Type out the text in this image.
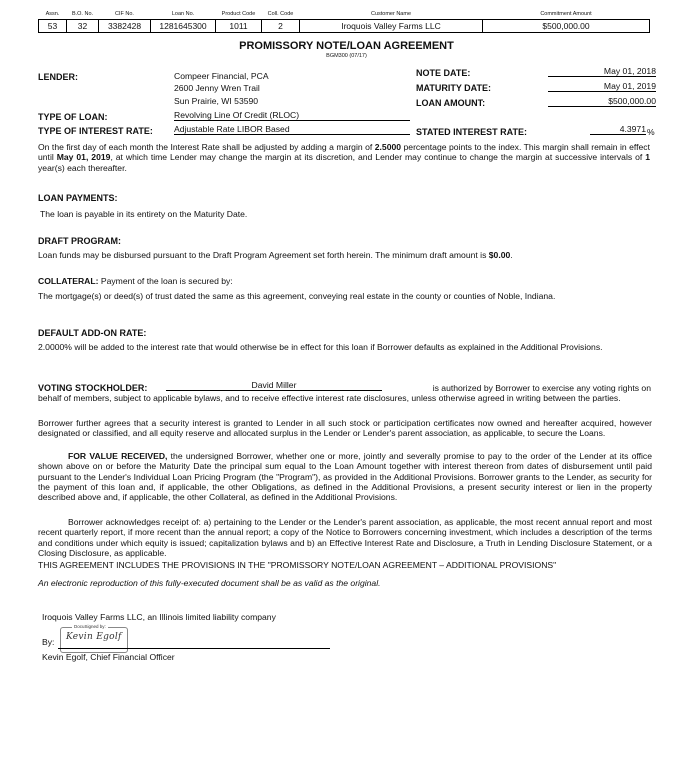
Assn.	B.O. No.	CIF No.	Loan No.	Product Code	Coll. Code	Customer Name	Commitment Amount
53	32	3382428	1281645300	1011	2	Iroquois Valley Farms LLC	$500,000.00
PROMISSORY NOTE/LOAN AGREEMENT
BGM300 (07/17)
LENDER:	Compeer Financial, PCA
2600 Jenny Wren Trail
Sun Prairie, WI 53590
NOTE DATE:	May 01, 2018
MATURITY DATE:	May 01, 2019
LOAN AMOUNT:	$500,000.00
TYPE OF LOAN:	Revolving Line Of Credit (RLOC)
TYPE OF INTEREST RATE: Adjustable Rate LIBOR Based	STATED INTEREST RATE:	4.3971 %
On the first day of each month the Interest Rate shall be adjusted by adding a margin of 2.5000 percentage points to the index. This margin shall remain in effect until May 01, 2019, at which time Lender may change the margin at its discretion, and Lender may continue to change the margin at successive intervals of 1 year(s) each thereafter.
LOAN PAYMENTS:
The loan is payable in its entirety on the Maturity Date.
DRAFT PROGRAM:
Loan funds may be disbursed pursuant to the Draft Program Agreement set forth herein. The minimum draft amount is $0.00.
COLLATERAL: Payment of the loan is secured by:
The mortgage(s) or deed(s) of trust dated the same as this agreement, conveying real estate in the county or counties of Noble, Indiana.
DEFAULT ADD-ON RATE:
2.0000% will be added to the interest rate that would otherwise be in effect for this loan if Borrower defaults as explained in the Additional Provisions.
VOTING STOCKHOLDER:	David Miller	is authorized by Borrower to exercise any voting rights on
behalf of members, subject to applicable bylaws, and to receive effective interest rate disclosures, unless otherwise agreed in writing between the parties.
Borrower further agrees that a security interest is granted to Lender in all such stock or participation certificates now owned and hereafter acquired, however designated or classified, and all equity reserve and allocated surplus in the Lender or Lender's parent association, as applicable, to secure the Loans.
FOR VALUE RECEIVED, the undersigned Borrower, whether one or more, jointly and severally promise to pay to the order of the Lender at its office shown above on or before the Maturity Date the principal sum equal to the Loan Amount together with interest thereon from dates of disbursement until paid pursuant to the Lender's Individual Loan Pricing Program (the "Program"), as provided in the Additional Provisions. Borrower grants to the Lender, as security for the payment of this loan and, if applicable, the other Obligations, as defined in the Additional Provisions, a present security interest or lien in the property described above and, if applicable, the other Collateral, as defined in the Additional Provisions.
Borrower acknowledges receipt of: a) pertaining to the Lender or the Lender's parent association, as applicable, the most recent annual report and most recent quarterly report, if more recent than the annual report; a copy of the Notice to Borrowers concerning investment, which includes a description of the terms and conditions under which equity is issued; capitalization bylaws and b) an Effective Interest Rate and Disclosure, a Truth in Lending Disclosure Statement, or a Closing Disclosure, as applicable.
THIS AGREEMENT INCLUDES THE PROVISIONS IN THE "PROMISSORY NOTE/LOAN AGREEMENT – ADDITIONAL PROVISIONS"
An electronic reproduction of this fully-executed document shall be as valid as the original.
Iroquois Valley Farms LLC, an Illinois limited liability company
DocuSigned by:
Kevin Egolf
By:
Kevin Egolf, Chief Financial Officer
